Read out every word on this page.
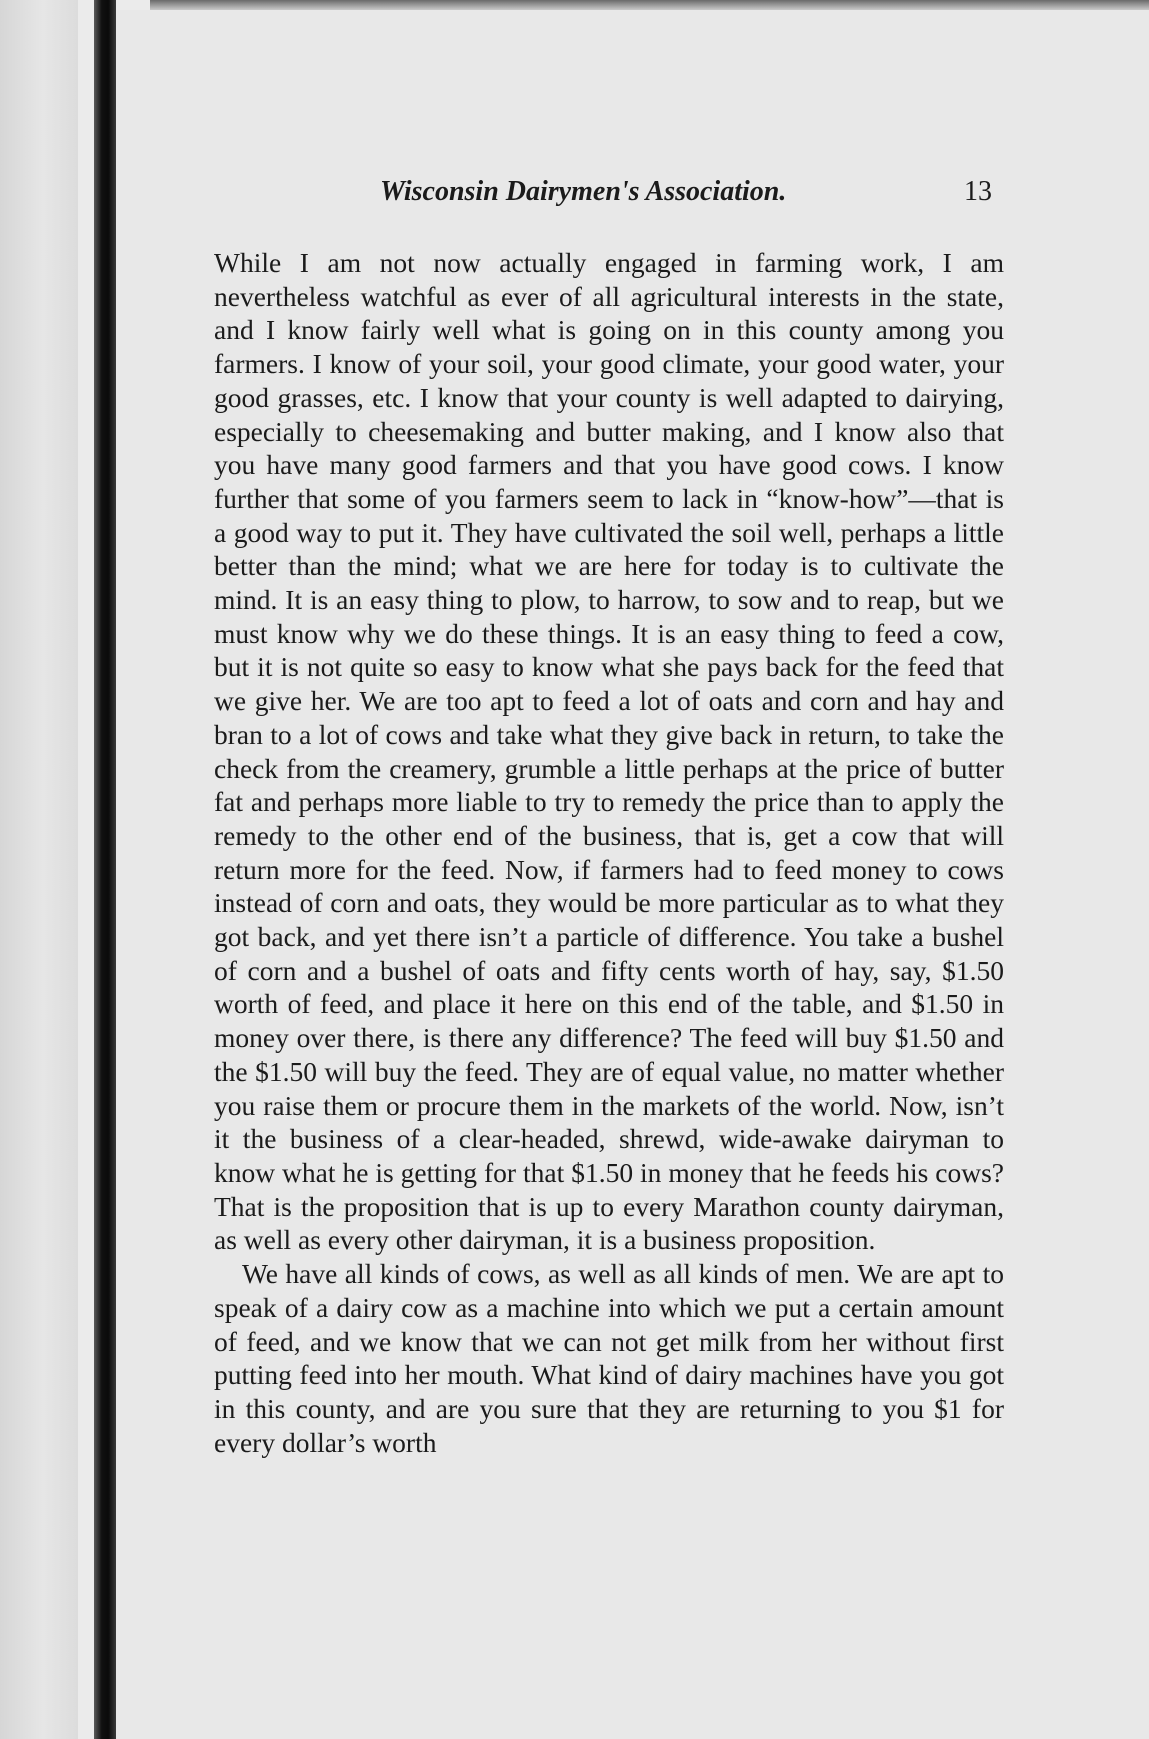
Wisconsin Dairymen's Association.	13

While I am not now actually engaged in farming work, I am nevertheless watchful as ever of all agricultural interests in the state, and I know fairly well what is going on in this county among you farmers. I know of your soil, your good climate, your good water, your good grasses, etc. I know that your county is well adapted to dairying, especially to cheesemaking and butter making, and I know also that you have many good farmers and that you have good cows. I know further that some of you farmers seem to lack in “know-how”—that is a good way to put it. They have cultivated the soil well, perhaps a little better than the mind; what we are here for today is to cultivate the mind. It is an easy thing to plow, to harrow, to sow and to reap, but we must know why we do these things. It is an easy thing to feed a cow, but it is not quite so easy to know what she pays back for the feed that we give her. We are too apt to feed a lot of oats and corn and hay and bran to a lot of cows and take what they give back in return, to take the check from the creamery, grumble a little perhaps at the price of butter fat and perhaps more liable to try to remedy the price than to apply the remedy to the other end of the business, that is, get a cow that will return more for the feed. Now, if farmers had to feed money to cows instead of corn and oats, they would be more particular as to what they got back, and yet there isn’t a particle of difference. You take a bushel of corn and a bushel of oats and fifty cents worth of hay, say, $1.50 worth of feed, and place it here on this end of the table, and $1.50 in money over there, is there any difference? The feed will buy $1.50 and the $1.50 will buy the feed. They are of equal value, no matter whether you raise them or procure them in the markets of the world. Now, isn’t it the business of a clear-headed, shrewd, wide-awake dairyman to know what he is getting for that $1.50 in money that he feeds his cows? That is the proposition that is up to every Marathon county dairyman, as well as every other dairyman, it is a business proposition.

We have all kinds of cows, as well as all kinds of men. We are apt to speak of a dairy cow as a machine into which we put a certain amount of feed, and we know that we can not get milk from her without first putting feed into her mouth. What kind of dairy machines have you got in this county, and are you sure that they are returning to you $1 for every dollar’s worth
